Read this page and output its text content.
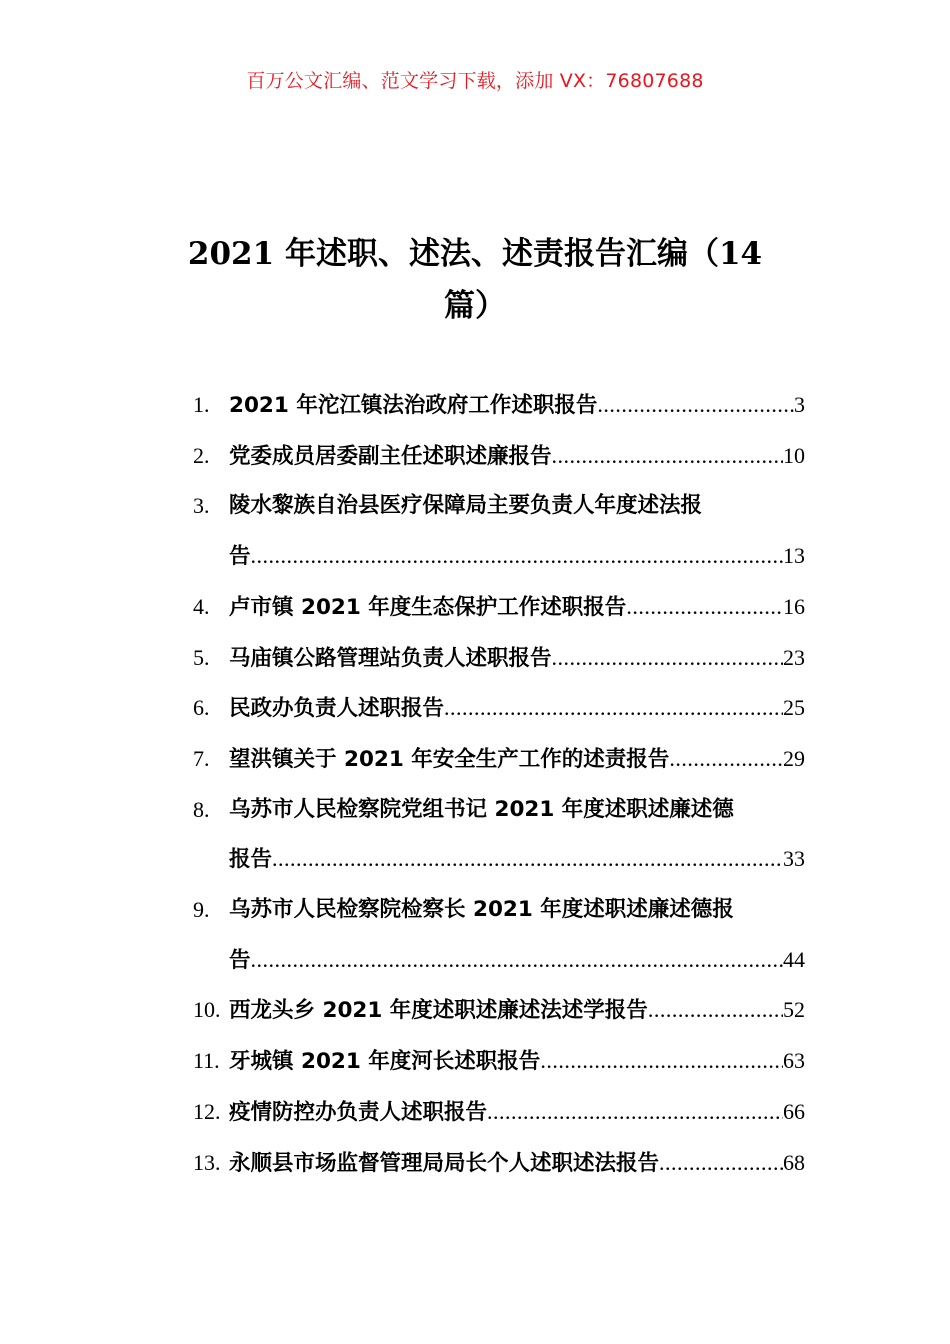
百万公文汇编、范文学习下载，添加 VX：76807688
2021 年述职、述法、述责报告汇编（14
篇）
1. 2021 年沱江镇法治政府工作述职报告 .....	3
2. 党委成员居委副主任述职述廉报告 .....	10
3. 陵水黎族自治县医疗保障局主要负责人年度述法报
告 .....	13
4. 卢市镇 2021 年度生态保护工作述职报告 .....	16
5. 马庙镇公路管理站负责人述职报告 .....	23
6. 民政办负责人述职报告 .....	25
7. 望洪镇关于 2021 年安全生产工作的述责报告 .....	29
8. 乌苏市人民检察院党组书记 2021 年度述职述廉述德
报告 .....	33
9. 乌苏市人民检察院检察长 2021 年度述职述廉述德报
告 .....	44
10. 西龙头乡 2021 年度述职述廉述法述学报告 .....	52
11. 牙城镇 2021 年度河长述职报告 .....	63
12. 疫情防控办负责人述职报告 .....	66
13. 永顺县市场监督管理局局长个人述职述法报告 .....	68
